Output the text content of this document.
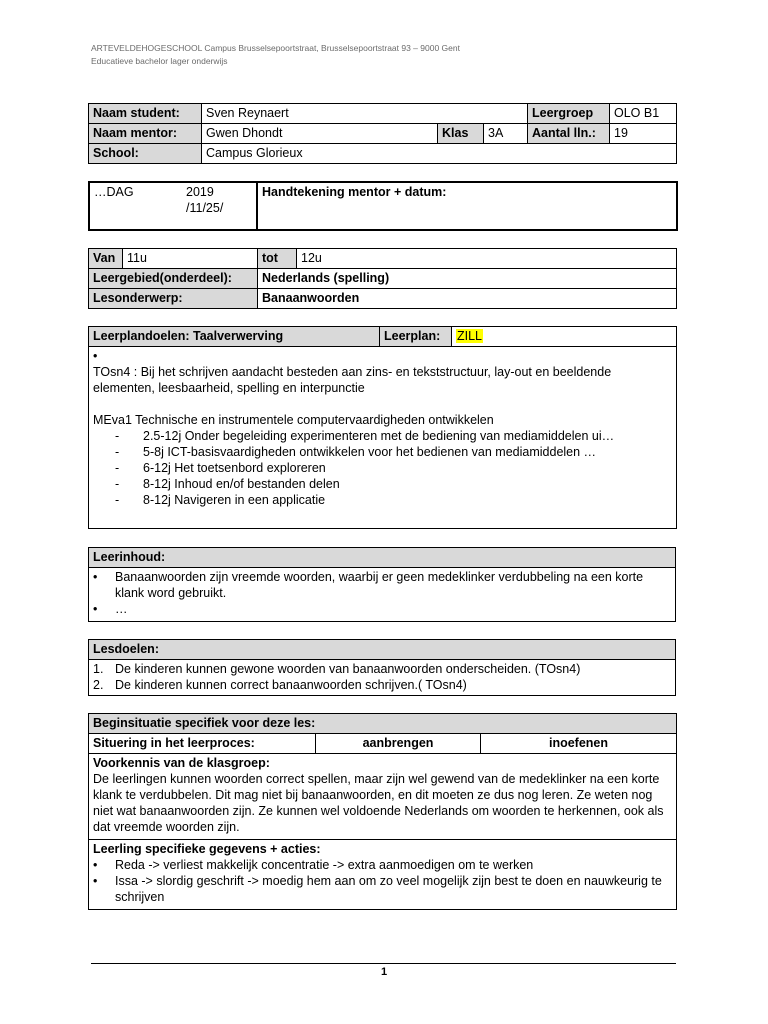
ARTEVELDEHOGESCHOOL Campus Brusselsepoortstraat, Brusselsepoortstraat 93 – 9000 Gent
Educatieve bachelor lager onderwijs
Naam student:	Sven Reynaert			Leergroep	OLO B1
Naam mentor:	Gwen Dhondt	Klas	3A	Aantal lln.:	19
School:	Campus Glorieux				
…DAG	2019
/11/25/
	Handtekening mentor + datum:
Van	11u	tot	12u
Leergebied(onderdeel):		Nederlands (spelling)	
Lesonderwerp:		Banaanwoorden	
Leerplandoelen: Taalverwerving	Leerplan:	ZILL

•
TOsn4 : Bij het schrijven aandacht besteden aan zins- en tekststructuur, lay-out en beeldende elementen, leesbaarheid, spelling en interpunctie
MEva1 Technische en instrumentele computervaardigheden ontwikkelen
-	2.5-12j Onder begeleiding experimenteren met de bediening van mediamiddelen ui…
-	5-8j ICT-basisvaardigheden ontwikkelen voor het bedienen van mediamiddelen …
-	6-12j Het toetsenbord exploreren
-	8-12j Inhoud en/of bestanden delen
-	8-12j Navigeren in een applicatie
Leerinhoud:

•	Banaanwoorden zijn vreemde woorden, waarbij er geen medeklinker verdubbeling na een korte klank word gebruikt.
•	…
Lesdoelen:

1. De kinderen kunnen gewone woorden van banaanwoorden onderscheiden. (TOsn4)
2. De kinderen kunnen correct banaanwoorden schrijven.( TOsn4)
Beginsituatie specifiek voor deze les:
Situering in het leerproces:	aanbrengen	inoefenen

Voorkennis van de klasgroep:
De leerlingen kunnen woorden correct spellen, maar zijn wel gewend van de medeklinker na een korte klank te verdubbelen. Dit mag niet bij banaanwoorden, en dit moeten ze dus nog leren. Ze weten nog niet wat banaanwoorden zijn. Ze kunnen wel voldoende Nederlands om woorden te herkennen, ook als dat vreemde woorden zijn.

Leerling specifieke gegevens + acties:
•	Reda -> verliest makkelijk concentratie -> extra aanmoedigen om te werken
•	Issa -> slordig geschrift -> moedig hem aan om zo veel mogelijk zijn best te doen en nauwkeurig te schrijven
1
